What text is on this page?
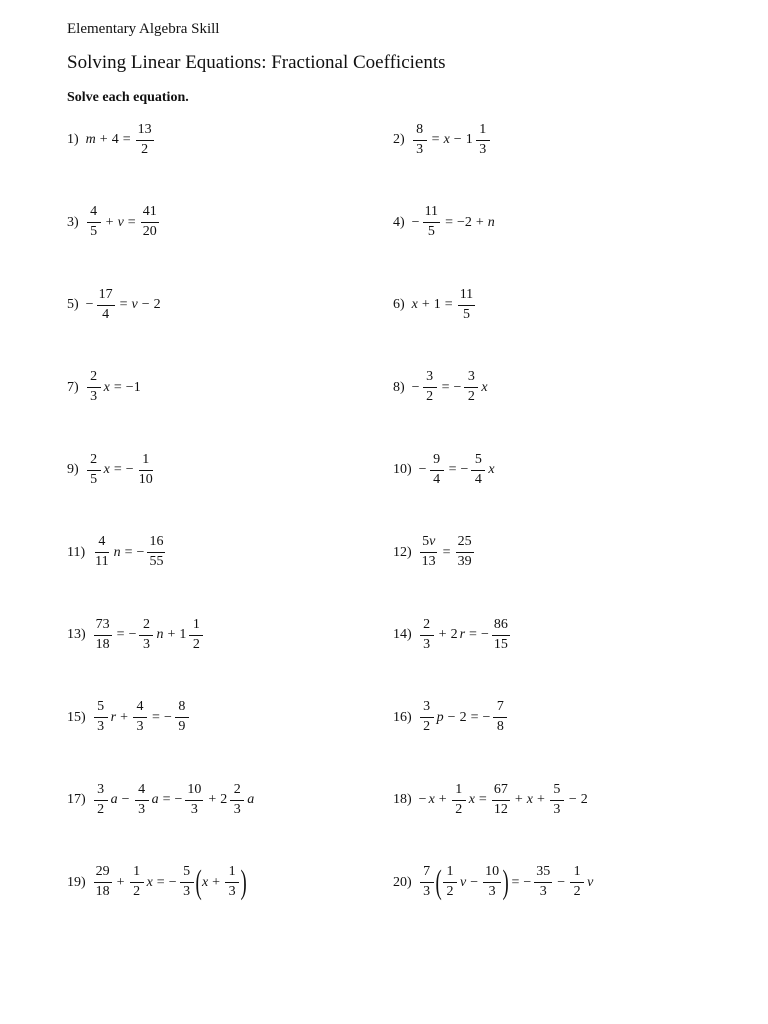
Elementary Algebra Skill
Solving Linear Equations: Fractional Coefficients
Solve each equation.
1) $m + 4 = \frac{13}{2}$	$2) \frac{8}{3} = x - 1 \frac{1}{3}$
$3) \frac{4}{5} + v = \frac{41}{20}$	$4) - \frac{11}{5} = -2 + n$
$5) - \frac{17}{4} = v - 2$	6) $x + 1 = \frac{11}{5}$
$7) \frac{2}{3}$ x = −1	$8) - \frac{3}{2}$ = − $\frac{3}{2}$ x
$9) \frac{2}{5}$ x = − $\frac{1}{10}$	$10) - \frac{9}{4}$ = − $\frac{5}{4}$ x
$11) \frac{4}{11}$ n = − $\frac{16}{55}$	$12) \frac{5v}{13} = \frac{25}{39}$
$13) \frac{73}{18}$ = − $\frac{2}{3}$ $n + 1 \frac{1}{2}$	$14) \frac{2}{3} + 2$ r = − $\frac{86}{15}$
$15) \frac{5}{3}$ $r + \frac{4}{3}$ = − $\frac{8}{9}$	$16) \frac{3}{2}$ p − 2 = − $\frac{7}{8}$
$17) \frac{3}{2}$ $a - \frac{4}{3}$ a = − $\frac{10}{3} + 2 \frac{2}{3}$ a	$18) - x + \frac{1}{2}$ $x = \frac{67}{12} + x + \frac{5}{3} - 2$
$19) \frac{29}{18} + \frac{1}{2}$ x = − $\frac{5}{3}$ ( $x + \frac{1}{3}$ )	$20) \frac{7}{3}$ ( $\frac{1}{2}$ $v - \frac{10}{3}$ ) = − $\frac{35}{3} - \frac{1}{2}$ v
